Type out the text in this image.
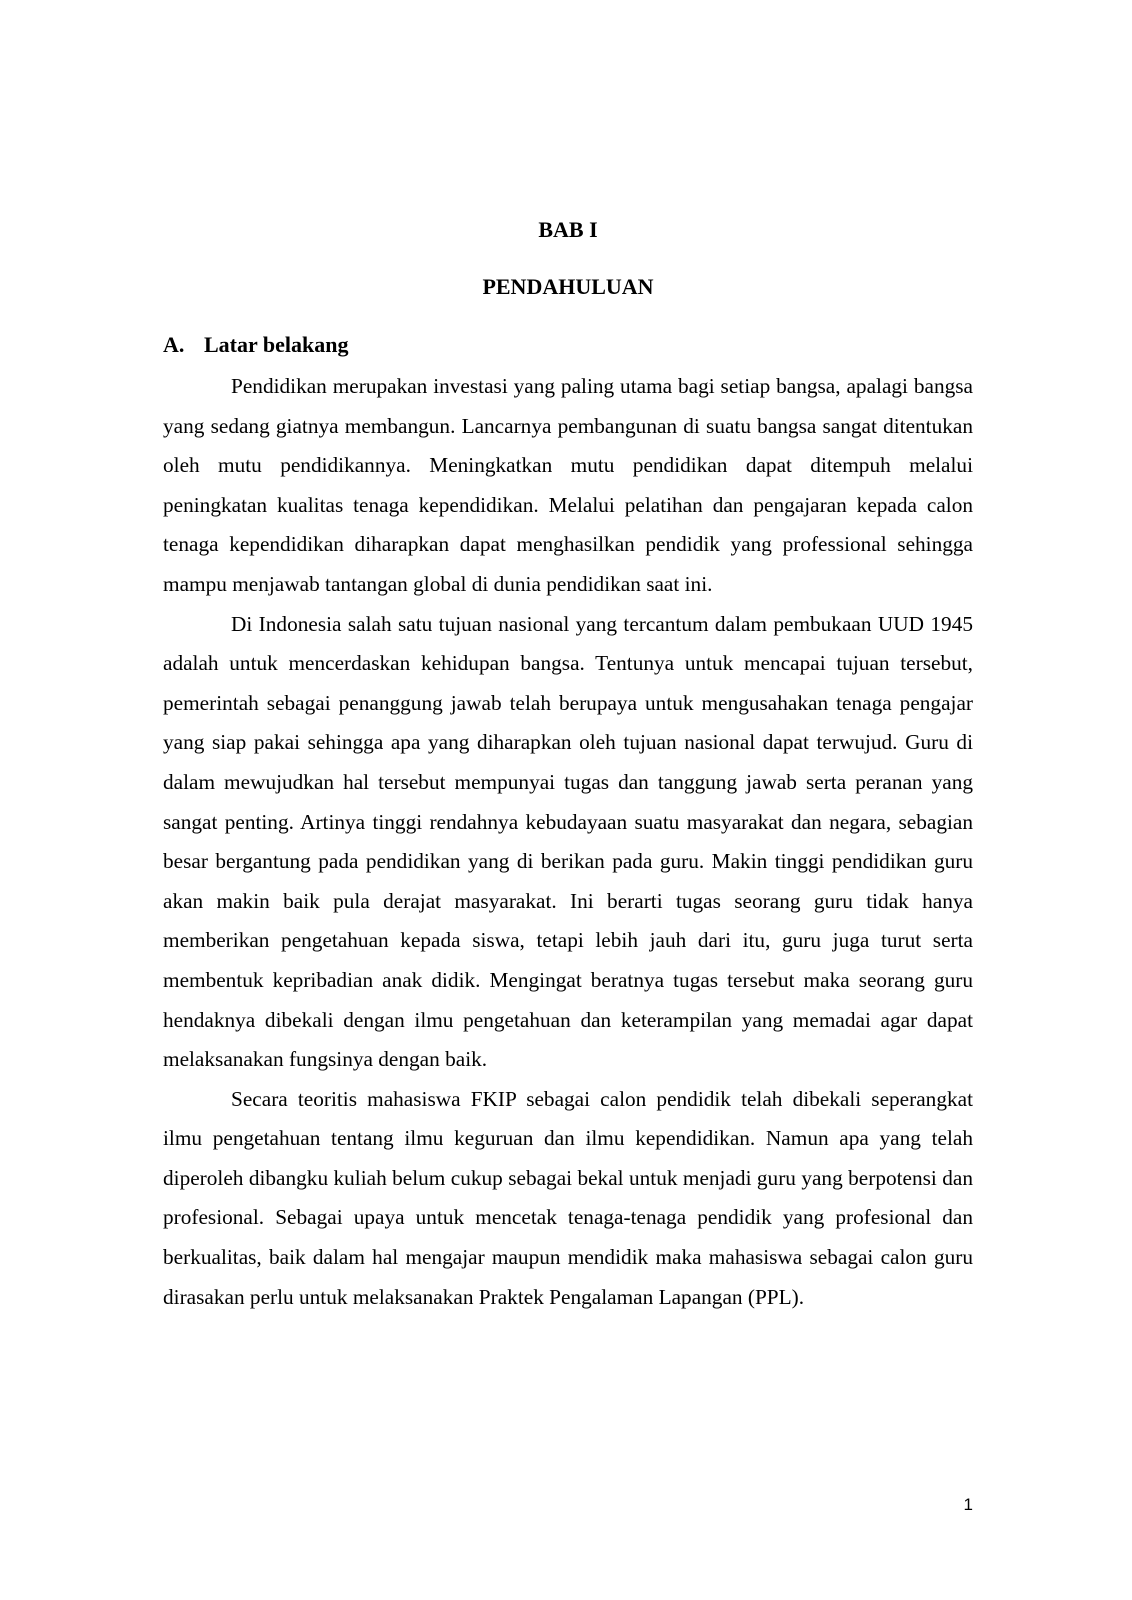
BAB I
PENDAHULUAN
A. Latar belakang

Pendidikan merupakan investasi yang paling utama bagi setiap bangsa, apalagi bangsa yang sedang giatnya membangun. Lancarnya pembangunan di suatu bangsa sangat ditentukan oleh mutu pendidikannya. Meningkatkan mutu pendidikan dapat ditempuh melalui peningkatan kualitas tenaga kependidikan. Melalui pelatihan dan pengajaran kepada calon tenaga kependidikan diharapkan dapat menghasilkan pendidik yang professional sehingga mampu menjawab tantangan global di dunia pendidikan saat ini.

Di Indonesia salah satu tujuan nasional yang tercantum dalam pembukaan UUD 1945 adalah untuk mencerdaskan kehidupan bangsa. Tentunya untuk mencapai tujuan tersebut, pemerintah sebagai penanggung jawab telah berupaya untuk mengusahakan tenaga pengajar yang siap pakai sehingga apa yang diharapkan oleh tujuan nasional dapat terwujud. Guru di dalam mewujudkan hal tersebut mempunyai tugas dan tanggung jawab serta peranan yang sangat penting. Artinya tinggi rendahnya kebudayaan suatu masyarakat dan negara, sebagian besar bergantung pada pendidikan yang di berikan pada guru. Makin tinggi pendidikan guru akan makin baik pula derajat masyarakat. Ini berarti tugas seorang guru tidak hanya memberikan pengetahuan kepada siswa, tetapi lebih jauh dari itu, guru juga turut serta membentuk kepribadian anak didik. Mengingat beratnya tugas tersebut maka seorang guru hendaknya dibekali dengan ilmu pengetahuan dan keterampilan yang memadai agar dapat melaksanakan fungsinya dengan baik.

Secara teoritis mahasiswa FKIP sebagai calon pendidik telah dibekali seperangkat ilmu pengetahuan tentang ilmu keguruan dan ilmu kependidikan. Namun apa yang telah diperoleh dibangku kuliah belum cukup sebagai bekal untuk menjadi guru yang berpotensi dan profesional. Sebagai upaya untuk mencetak tenaga-tenaga pendidik yang profesional dan berkualitas, baik dalam hal mengajar maupun mendidik maka mahasiswa sebagai calon guru dirasakan perlu untuk melaksanakan Praktek Pengalaman Lapangan (PPL).

1
